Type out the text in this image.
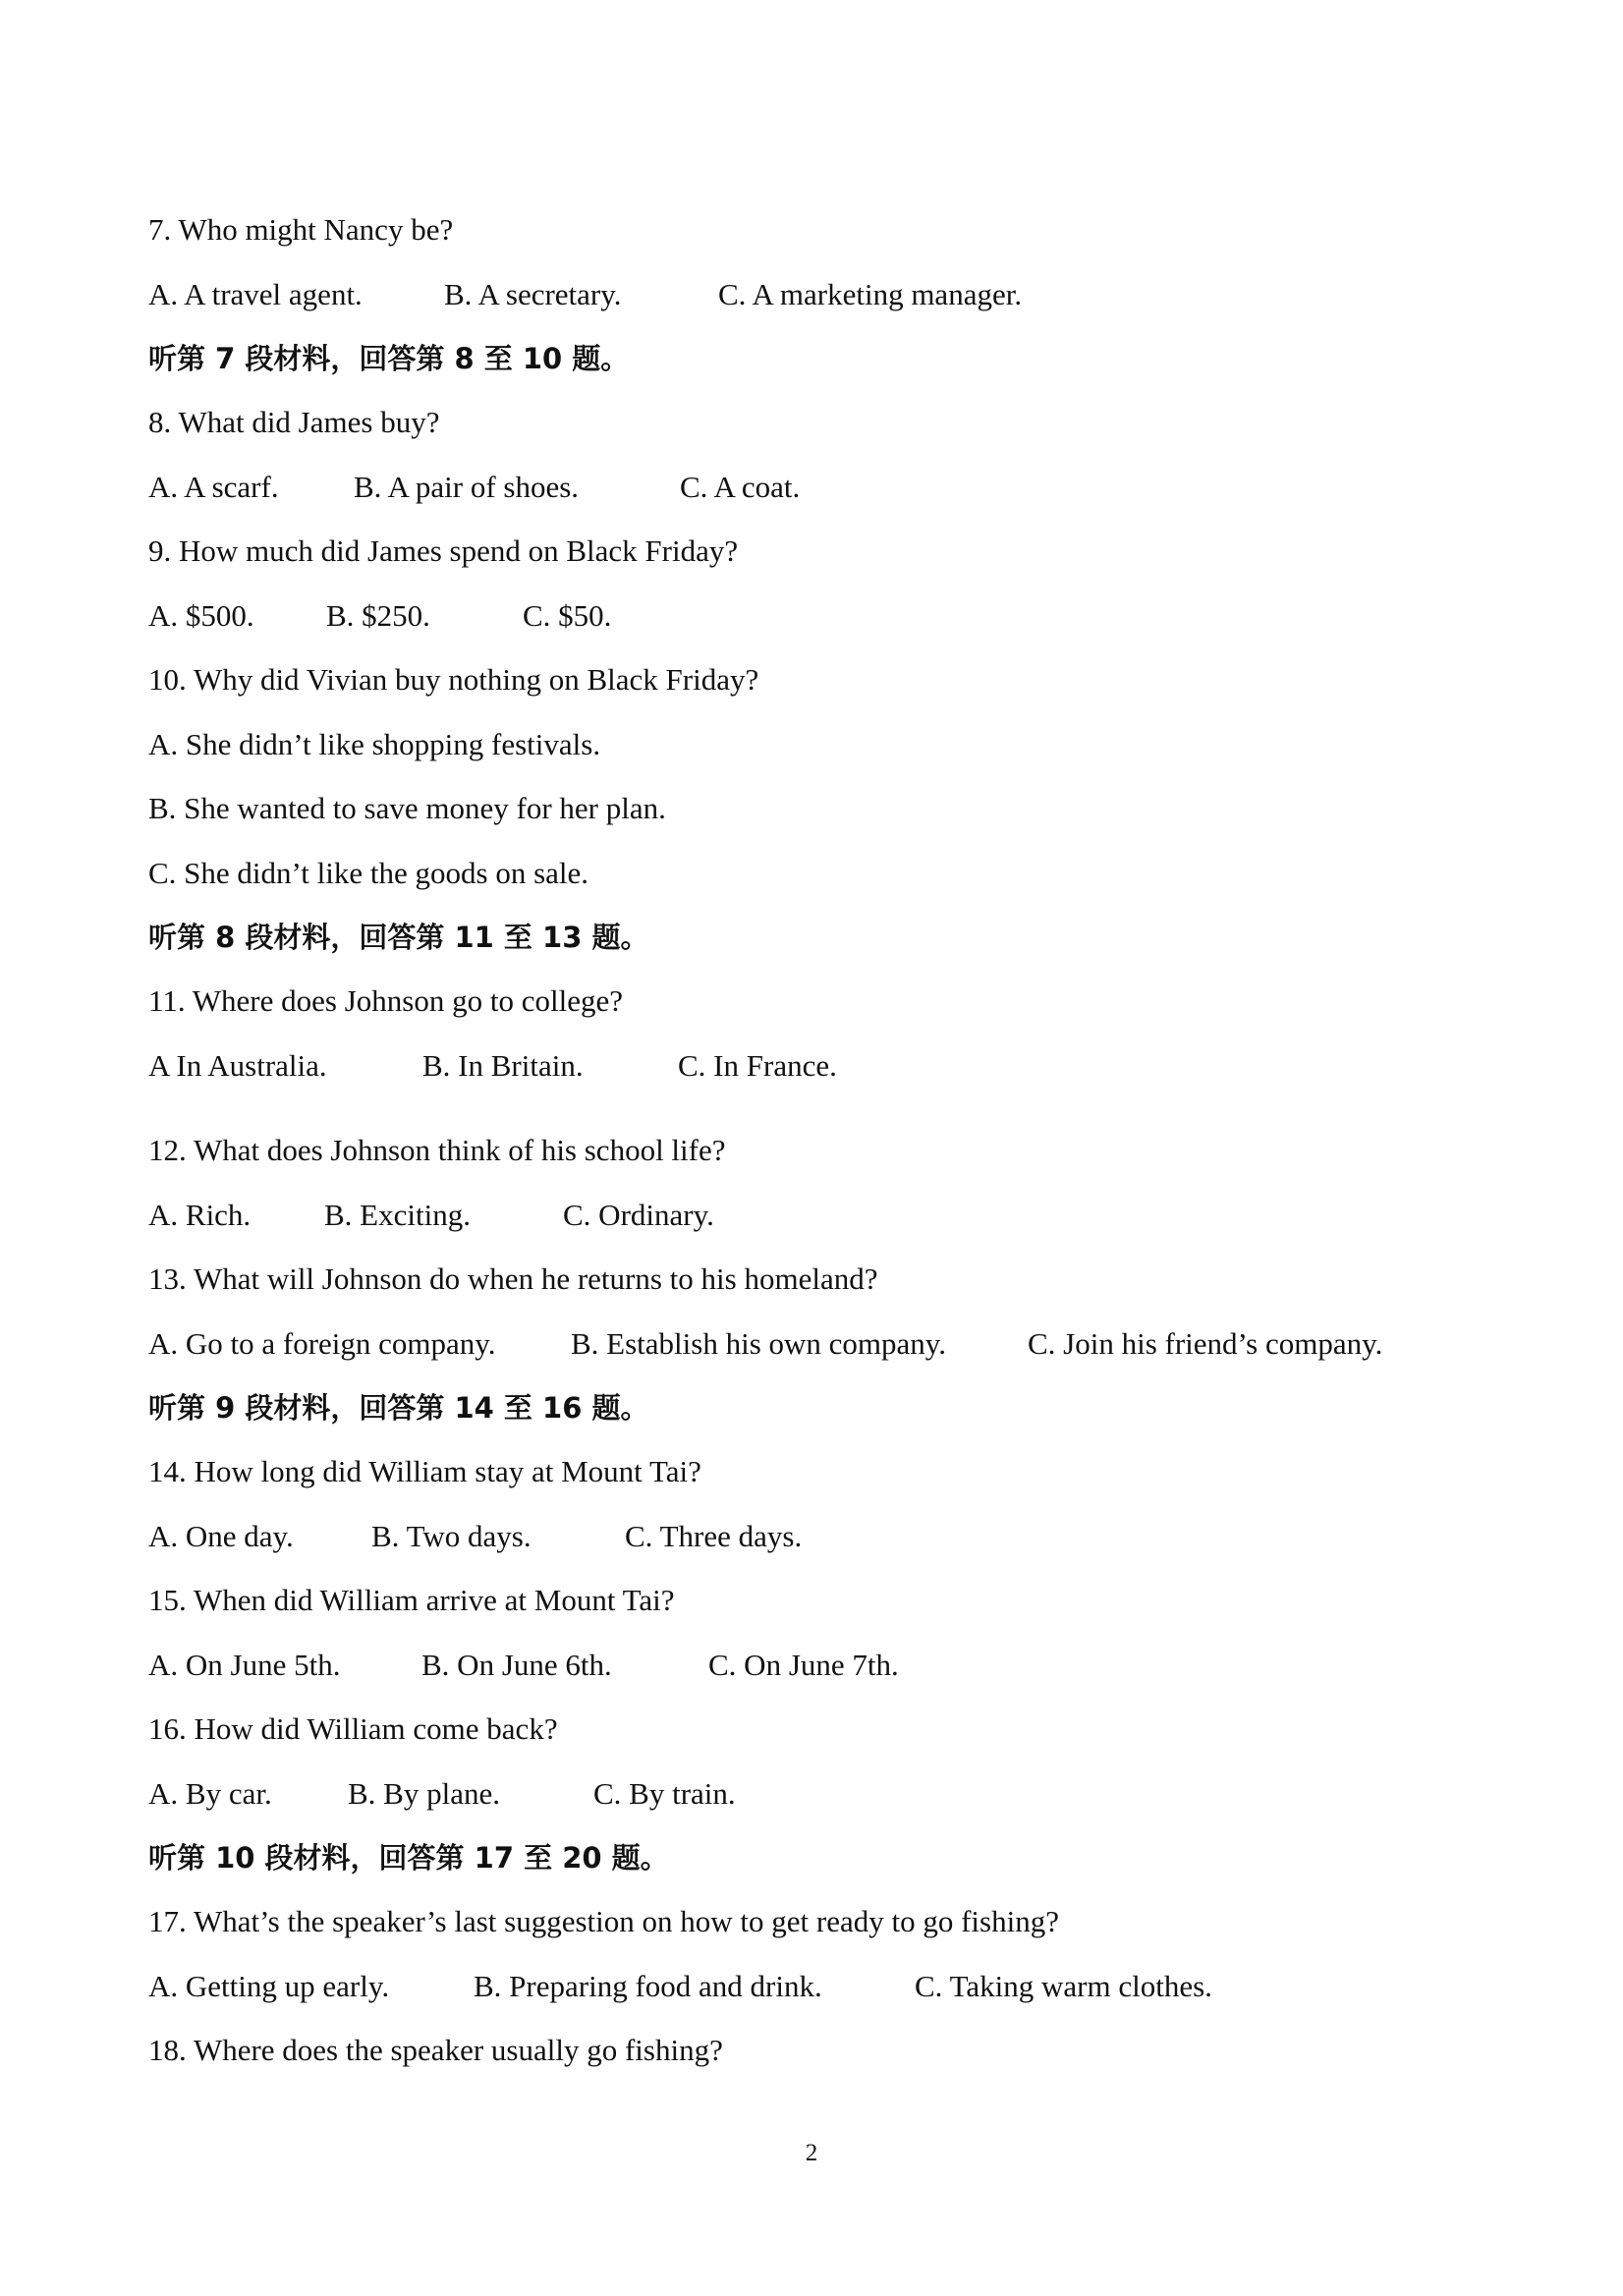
7. Who might Nancy be?
A. A travel agent.	B. A secretary.	C. A marketing manager.
听第 7 段材料，回答第 8 至 10 题。
8. What did James buy?
A. A scarf. B. A pair of shoes.	C. A coat.
9. How much did James spend on Black Friday?
A. $500. B. $250.	C. $50.
10. Why did Vivian buy nothing on Black Friday?
A. She didn’t like shopping festivals.
B. She wanted to save money for her plan.
C. She didn’t like the goods on sale.
听第 8 段材料，回答第 11 至 13 题。
11. Where does Johnson go to college?
A In Australia.	B. In Britain.	C. In France.
12. What does Johnson think of his school life?
A. Rich. B. Exciting.	C. Ordinary.
13. What will Johnson do when he returns to his homeland?
A. Go to a foreign company. B. Establish his own company.	C. Join his friend’s company.
听第 9 段材料，回答第 14 至 16 题。
14. How long did William stay at Mount Tai?
A. One day.	B. Two days.	C. Three days.
15. When did William arrive at Mount Tai?
A. On June 5th.	B. On June 6th.	C. On June 7th.
16. How did William come back?
A. By car. B. By plane.	C. By train.
听第 10 段材料，回答第 17 至 20 题。
17. What’s the speaker’s last suggestion on how to get ready to go fishing?
A. Getting up early.	B. Preparing food and drink.	C. Taking warm clothes.
18. Where does the speaker usually go fishing?
2
